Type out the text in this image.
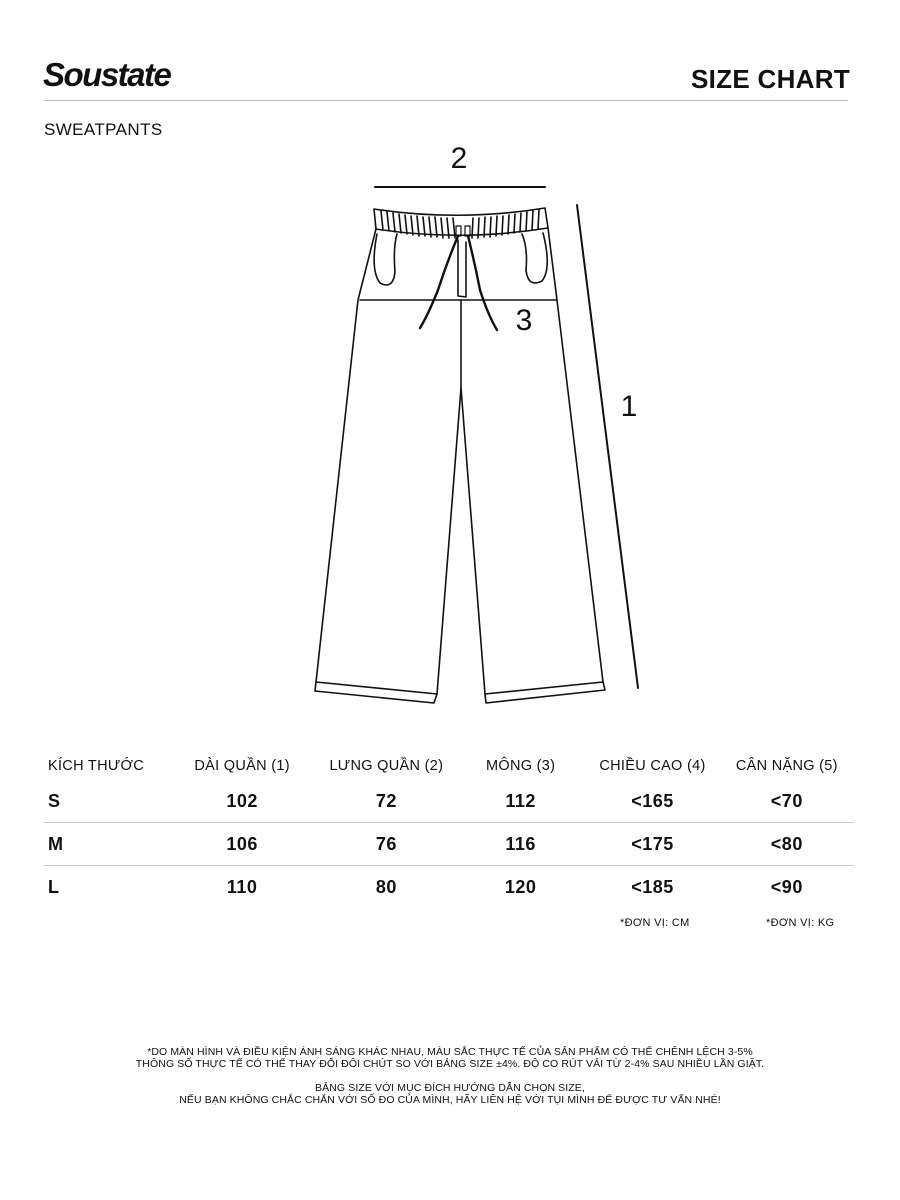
Soustate	SIZE CHART
SWEATPANTS
2
3
1
KÍCH THƯỚC	DÀI QUẦN (1)	LƯNG QUẦN (2)	MÔNG (3)	CHIỀU CAO (4)	CÂN NẶNG (5)
S	102	72	112	<165	<70
M	106	76	116	<175	<80
L	110	80	120	<185	<90
*ĐƠN VỊ: CM	*ĐƠN VỊ: KG

*DO MÀN HÌNH VÀ ĐIỀU KIỆN ÁNH SÁNG KHÁC NHAU, MÀU SẮC THỰC TẾ CỦA SẢN PHẨM CÓ THỂ CHÊNH LỆCH 3-5%

THÔNG SỐ THỰC TẾ CÓ THỂ THAY ĐỔI ĐÔI CHÚT SO VỚI BẢNG SIZE ±4%. ĐỘ CO RÚT VẢI TỪ 2-4% SAU NHIỀU LẦN GIẶT.

BẢNG SIZE VỚI MỤC ĐÍCH HƯỚNG DẪN CHỌN SIZE,

NẾU BẠN KHÔNG CHẮC CHẮN VỚI SỐ ĐO CỦA MÌNH, HÃY LIÊN HỆ VỚI TỤI MÌNH ĐỂ ĐƯỢC TƯ VẤN NHÉ!
